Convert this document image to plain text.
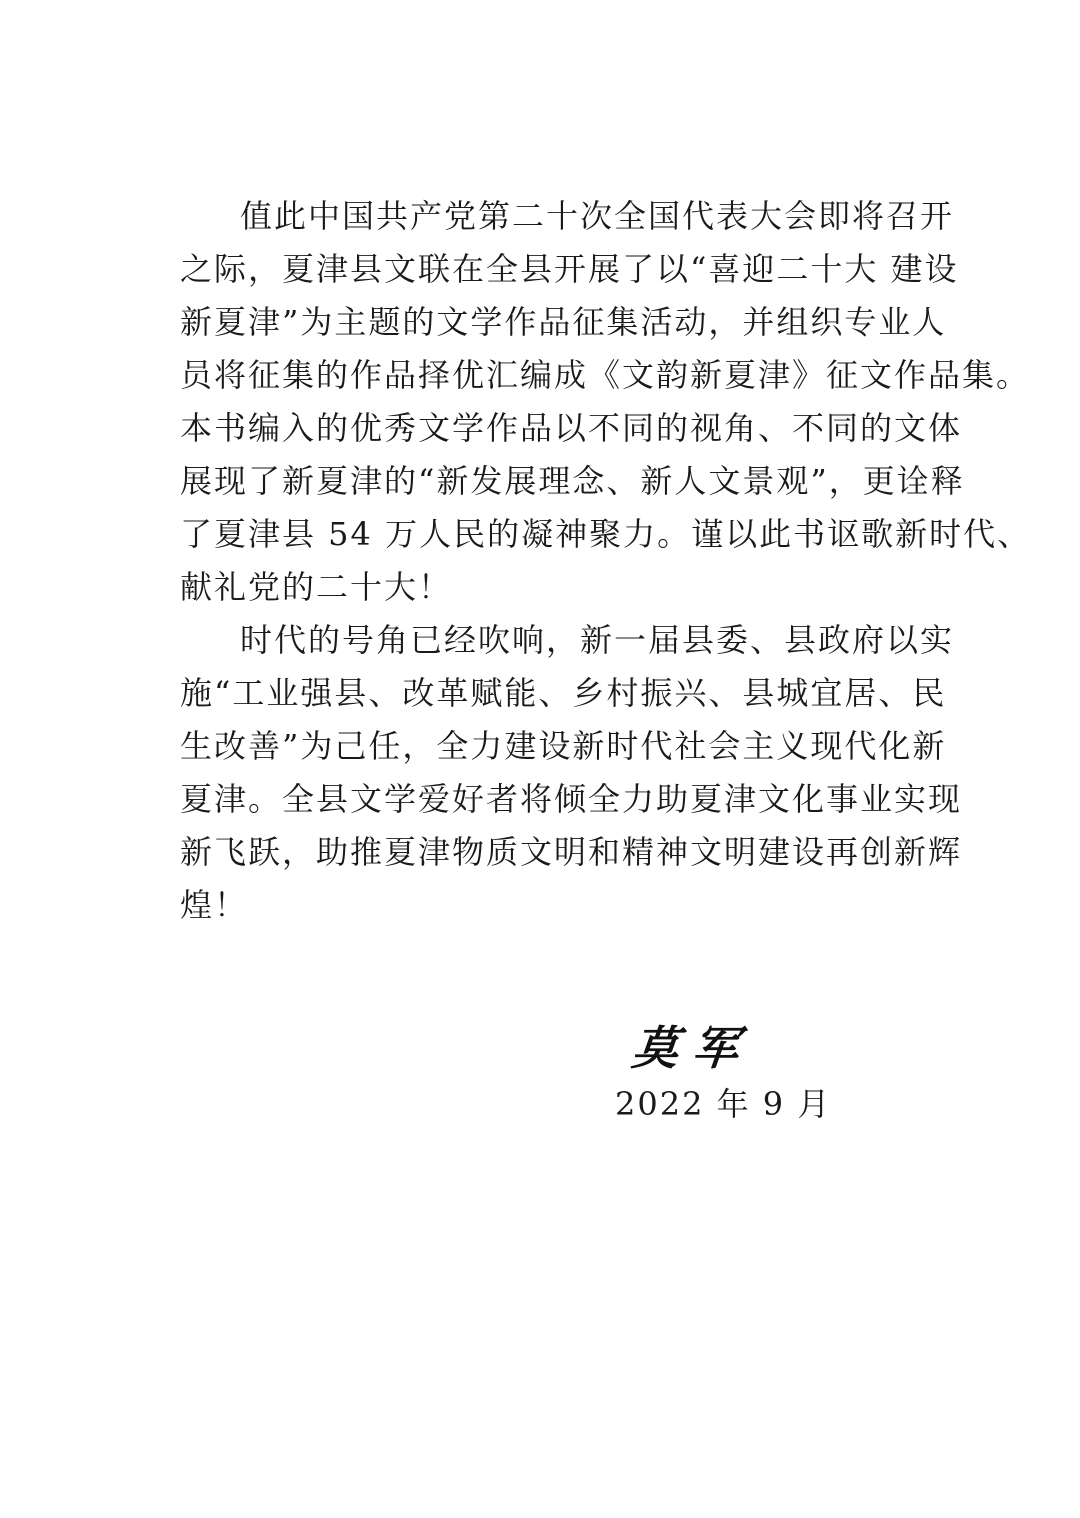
值此中国共产党第二十次全国代表大会即将召开
之际，夏津县文联在全县开展了以“喜迎二十大 建设
新夏津”为主题的文学作品征集活动，并组织专业人
员将征集的作品择优汇编成《文韵新夏津》征文作品集。
本书编入的优秀文学作品以不同的视角、不同的文体
展现了新夏津的“新发展理念、新人文景观”，更诠释
了夏津县 54 万人民的凝神聚力。谨以此书讴歌新时代、
献礼党的二十大！

时代的号角已经吹响，新一届县委、县政府以实
施“工业强县、改革赋能、乡村振兴、县城宜居、民
生改善”为己任，全力建设新时代社会主义现代化新
夏津。全县文学爱好者将倾全力助夏津文化事业实现
新飞跃，助推夏津物质文明和精神文明建设再创新辉
煌！

莫军
2022 年 9 月
